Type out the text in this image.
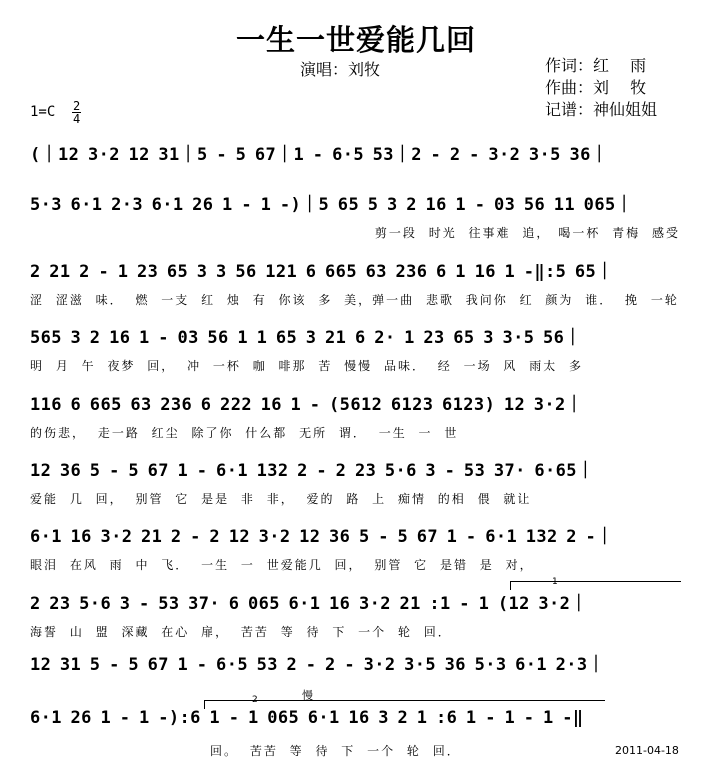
一生一世爱能几回
演唱：刘牧	作词：红　 雨
作曲：刘　 牧
记谱：神仙姐姐
1=C 2
4
(｜12 3·2 12 31｜5 - 5 67｜1 - 6·5 53｜2 - 2 - 3·2 3·5 36｜
5·3 6·1 2·3 6·1 26 1 - 1 -)｜5 65 5 3 2 16 1 - 03 56 11 065｜
剪一段 时光 往事难 追，　喝一杯 青梅 感受
2 21 2 - 1 23 65 3 3 56 121 6 665 63 236 6 1 16 1 -‖:5 65｜
涩 涩滋 味． 燃 一支 红 烛 有 你该 多 美，弹一曲 悲歌 我问你 红 颜为 谁． 挽 一轮
565 3 2 16 1 - 03 56 1 1 65 3 21 6 2· 1 23 65 3 3·5 56｜
明 月 午 夜梦 回， 冲 一杯 咖 啡那 苦 慢慢 品味． 经 一场 风 雨太 多
116 6 665 63 236 6 222 16 1 - (5612 6123 6123) 12 3·2｜
的伤悲， 走一路 红尘 除了你 什么都 无所 谓． 一生 一 世
12 36 5 - 5 67 1 - 6·1 132 2 - 2 23 5·6 3 - 53 37· 6·65｜
爱能 几 回， 别管 它 是是 非 非， 爱的 路 上 痴情 的相 偎 就让
6·1 16 3·2 21 2 - 2 12 3·2 12 36 5 - 5 67 1 - 6·1 132 2 -｜
眼泪 在风 雨 中 飞． 一生 一 世爱能几 回， 别管 它 是错 是 对，
1
2 23 5·6 3 - 53 37· 6 065 6·1 16 3·2 21 :1 - 1 (12 3·2｜
海誓 山 盟 深藏 在心 扉， 苦苦 等 待 下 一个 轮 回．
12 31 5 - 5 67 1 - 6·5 53 2 - 2 - 3·2 3·5 36 5·3 6·1 2·3｜
2
6·1 26 1 - 1 -):6 1 - 1 065 6·1 16 3 2 1 :6 1 - 1 - 1 -‖
回。 苦苦 等 待 下 一个 轮 回．
慢
2011-04-18
